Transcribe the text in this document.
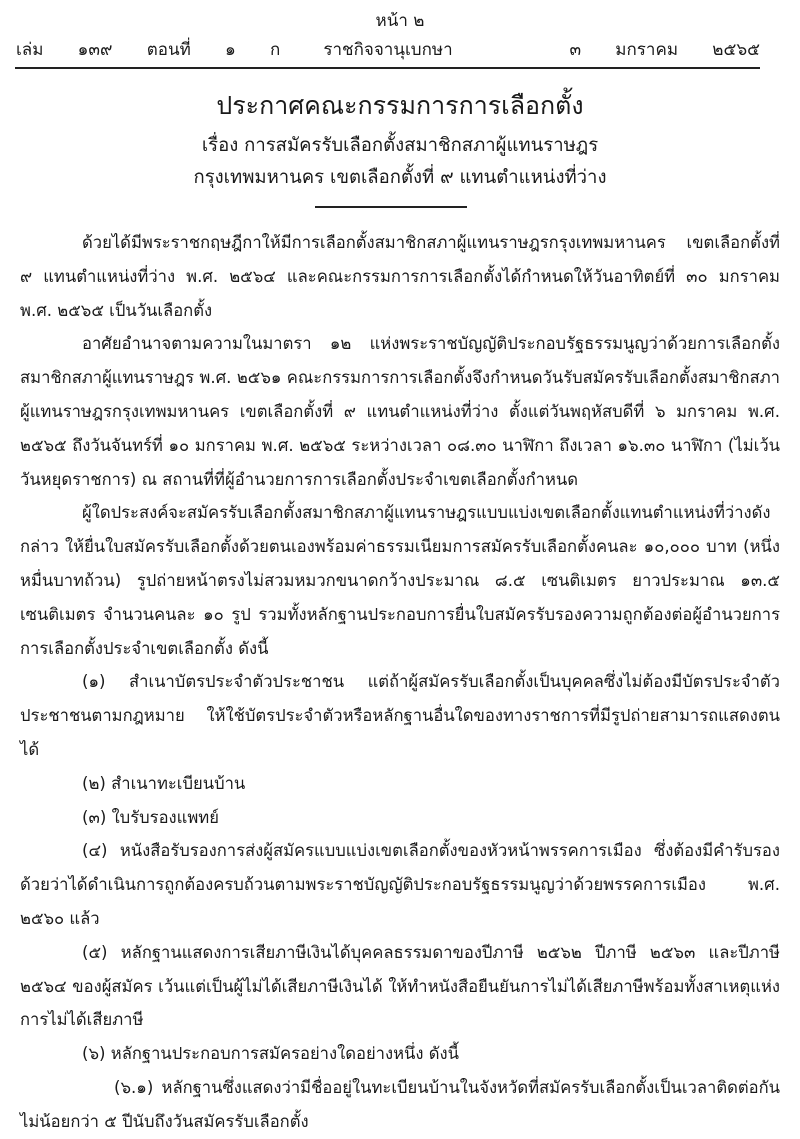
หน้า ๒
เล่ม   ๑๓๙   ตอนที่   ๑   ก	ราชกิจจานุเบกษา	๓   มกราคม   ๒๕๖๕
ประกาศคณะกรรมการการเลือกตั้ง
เรื่อง การสมัครรับเลือกตั้งสมาชิกสภาผู้แทนราษฎร
กรุงเทพมหานคร เขตเลือกตั้งที่ ๙ แทนตำแหน่งที่ว่าง

ด้วยได้มีพระราชกฤษฎีกาให้มีการเลือกตั้งสมาชิกสภาผู้แทนราษฎรกรุงเทพมหานคร เขตเลือกตั้งที่ ๙ แทนตำแหน่งที่ว่าง พ.ศ. ๒๕๖๔ และคณะกรรมการการเลือกตั้งได้กำหนดให้วันอาทิตย์ที่ ๓๐ มกราคม พ.ศ. ๒๕๖๕ เป็นวันเลือกตั้ง

อาศัยอำนาจตามความในมาตรา ๑๒ แห่งพระราชบัญญัติประกอบรัฐธรรมนูญว่าด้วยการเลือกตั้งสมาชิกสภาผู้แทนราษฎร พ.ศ. ๒๕๖๑ คณะกรรมการการเลือกตั้งจึงกำหนดวันรับสมัครรับเลือกตั้งสมาชิกสภาผู้แทนราษฎรกรุงเทพมหานคร เขตเลือกตั้งที่ ๙ แทนตำแหน่งที่ว่าง ตั้งแต่วันพฤหัสบดีที่ ๖ มกราคม พ.ศ. ๒๕๖๕ ถึงวันจันทร์ที่ ๑๐ มกราคม พ.ศ. ๒๕๖๕ ระหว่างเวลา ๐๘.๓๐ นาฬิกา ถึงเวลา ๑๖.๓๐ นาฬิกา (ไม่เว้นวันหยุดราชการ) ณ สถานที่ที่ผู้อำนวยการการเลือกตั้งประจำเขตเลือกตั้งกำหนด

ผู้ใดประสงค์จะสมัครรับเลือกตั้งสมาชิกสภาผู้แทนราษฎรแบบแบ่งเขตเลือกตั้งแทนตำแหน่งที่ว่างดังกล่าว ให้ยื่นใบสมัครรับเลือกตั้งด้วยตนเองพร้อมค่าธรรมเนียมการสมัครรับเลือกตั้งคนละ ๑๐,๐๐๐ บาท (หนึ่งหมื่นบาทถ้วน) รูปถ่ายหน้าตรงไม่สวมหมวกขนาดกว้างประมาณ ๘.๕ เซนติเมตร ยาวประมาณ ๑๓.๕ เซนติเมตร จำนวนคนละ ๑๐ รูป รวมทั้งหลักฐานประกอบการยื่นใบสมัครรับรองความถูกต้องต่อผู้อำนวยการการเลือกตั้งประจำเขตเลือกตั้ง ดังนี้

(๑) สำเนาบัตรประจำตัวประชาชน แต่ถ้าผู้สมัครรับเลือกตั้งเป็นบุคคลซึ่งไม่ต้องมีบัตรประจำตัวประชาชนตามกฎหมาย ให้ใช้บัตรประจำตัวหรือหลักฐานอื่นใดของทางราชการที่มีรูปถ่ายสามารถแสดงตนได้

(๒) สำเนาทะเบียนบ้าน

(๓) ใบรับรองแพทย์

(๔) หนังสือรับรองการส่งผู้สมัครแบบแบ่งเขตเลือกตั้งของหัวหน้าพรรคการเมือง ซึ่งต้องมีคำรับรองด้วยว่าได้ดำเนินการถูกต้องครบถ้วนตามพระราชบัญญัติประกอบรัฐธรรมนูญว่าด้วยพรรคการเมือง พ.ศ. ๒๕๖๐ แล้ว

(๕) หลักฐานแสดงการเสียภาษีเงินได้บุคคลธรรมดาของปีภาษี ๒๕๖๒ ปีภาษี ๒๕๖๓ และปีภาษี ๒๕๖๔ ของผู้สมัคร เว้นแต่เป็นผู้ไม่ได้เสียภาษีเงินได้ ให้ทำหนังสือยืนยันการไม่ได้เสียภาษีพร้อมทั้งสาเหตุแห่งการไม่ได้เสียภาษี

(๖) หลักฐานประกอบการสมัครอย่างใดอย่างหนึ่ง ดังนี้

(๖.๑) หลักฐานซึ่งแสดงว่ามีชื่ออยู่ในทะเบียนบ้านในจังหวัดที่สมัครรับเลือกตั้งเป็นเวลาติดต่อกันไม่น้อยกว่า ๕ ปีนับถึงวันสมัครรับเลือกตั้ง
